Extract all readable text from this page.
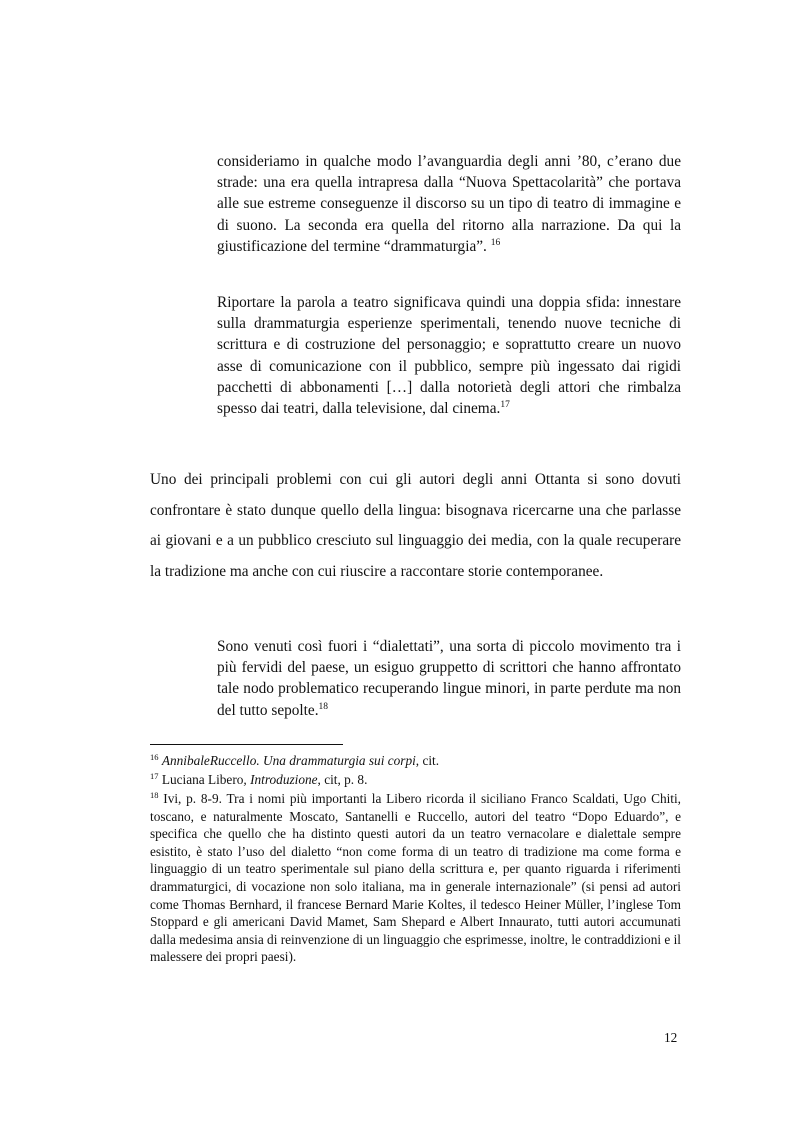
consideriamo in qualche modo l’avanguardia degli anni ’80, c’erano due strade: una era quella intrapresa dalla “Nuova Spettacolarità” che portava alle sue estreme conseguenze il discorso su un tipo di teatro di immagine e di suono. La seconda era quella del ritorno alla narrazione. Da qui la giustificazione del termine “drammaturgia”. $^{16}$

Riportare la parola a teatro significava quindi una doppia sfida: innestare sulla drammaturgia esperienze sperimentali, tenendo nuove tecniche di scrittura e di costruzione del personaggio; e soprattutto creare un nuovo asse di comunicazione con il pubblico, sempre più ingessato dai rigidi pacchetti di abbonamenti […] dalla notorietà degli attori che rimbalza spesso dai teatri, dalla televisione, dal cinema.$^{17}$

Uno dei principali problemi con cui gli autori degli anni Ottanta si sono dovuti confrontare è stato dunque quello della lingua: bisognava ricercarne una che parlasse ai giovani e a un pubblico cresciuto sul linguaggio dei media, con la quale recuperare la tradizione ma anche con cui riuscire a raccontare storie contemporanee.

Sono venuti così fuori i “dialettati”, una sorta di piccolo movimento tra i più fervidi del paese, un esiguo gruppetto di scrittori che hanno affrontato tale nodo problematico recuperando lingue minori, in parte perdute ma non del tutto sepolte.$^{18}$

$^{16}$ AnnibaleRuccello. Una drammaturgia sui corpi, cit.

$^{17}$ Luciana Libero, Introduzione, cit, p. 8.

$^{18}$ Ivi, p. 8-9. Tra i nomi più importanti la Libero ricorda il siciliano Franco Scaldati, Ugo Chiti, toscano, e naturalmente Moscato, Santanelli e Ruccello, autori del teatro “Dopo Eduardo”, e specifica che quello che ha distinto questi autori da un teatro vernacolare e dialettale sempre esistito, è stato l’uso del dialetto “non come forma di un teatro di tradizione ma come forma e linguaggio di un teatro sperimentale sul piano della scrittura e, per quanto riguarda i riferimenti drammaturgici, di vocazione non solo italiana, ma in generale internazionale” (si pensi ad autori come Thomas Bernhard, il francese Bernard Marie Koltes, il tedesco Heiner Müller, l’inglese Tom Stoppard e gli americani David Mamet, Sam Shepard e Albert Innaurato, tutti autori accumunati dalla medesima ansia di reinvenzione di un linguaggio che esprimesse, inoltre, le contraddizioni e il malessere dei propri paesi).

12
